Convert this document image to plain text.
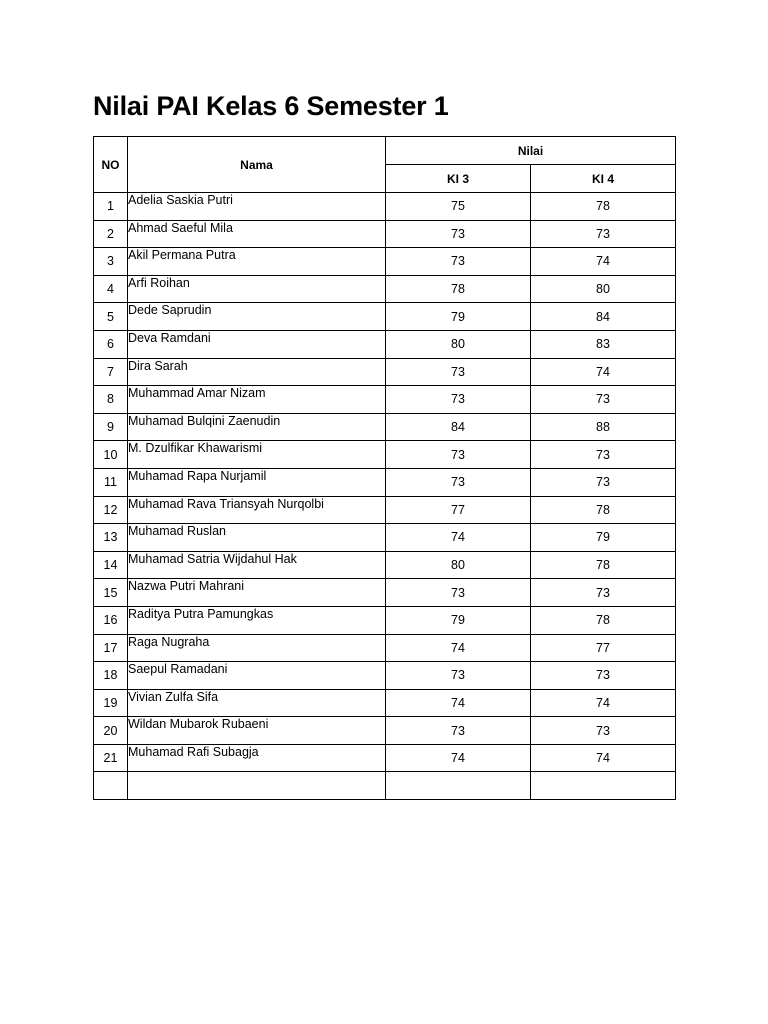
Nilai PAI Kelas 6 Semester 1
NO	Nama	Nilai	
		KI 3	KI 4
1	Adelia Saskia Putri	75	78
2	Ahmad Saeful Mila	73	73
3	Akil Permana Putra	73	74
4	Arfi Roihan	78	80
5	Dede Saprudin	79	84
6	Deva Ramdani	80	83
7	Dira Sarah	73	74
8	Muhammad Amar Nizam	73	73
9	Muhamad Bulqini Zaenudin	84	88
10	M. Dzulfikar Khawarismi	73	73
11	Muhamad Rapa Nurjamil	73	73
12	Muhamad Rava Triansyah Nurqolbi	77	78
13	Muhamad Ruslan	74	79
14	Muhamad Satria Wijdahul Hak	80	78
15	Nazwa Putri Mahrani	73	73
16	Raditya Putra Pamungkas	79	78
17	Raga Nugraha	74	77
18	Saepul Ramadani	73	73
19	Vivian Zulfa Sifa	74	74
20	Wildan Mubarok Rubaeni	73	73
21	Muhamad Rafi Subagja	74	74
